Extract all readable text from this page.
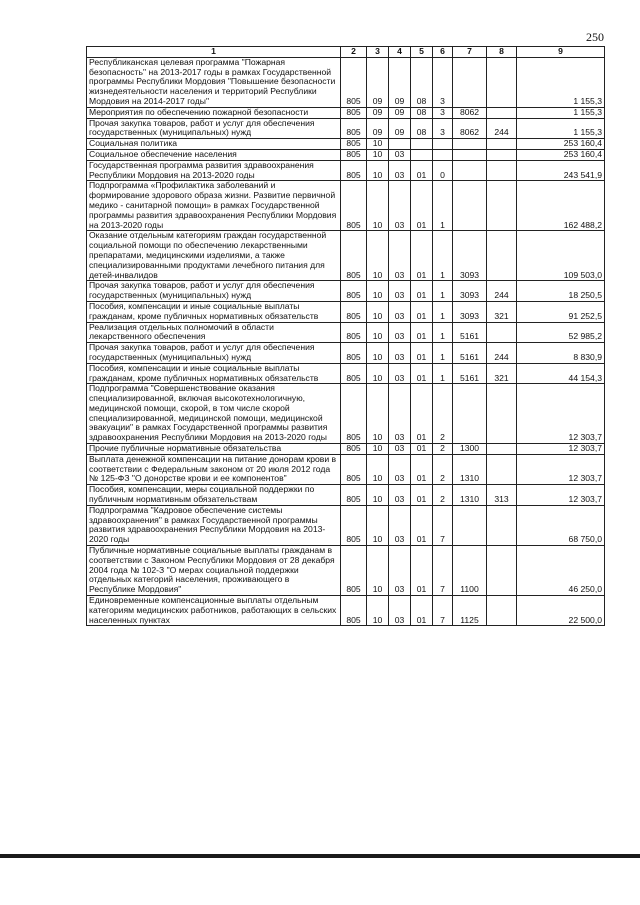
250
1	2	3	4	5	6	7	8	9
Республиканская целевая программа "Пожарная безопасность" на 2013-2017 годы в рамках Государственной программы Республики Мордовия "Повышение безопасности жизнедеятельности населения и территорий Республики Мордовия на 2014-2017 годы"	805	09	09	08	3			1 155,3
Мероприятия по обеспечению пожарной безопасности	805	09	09	08	3	8062		1 155,3
Прочая закупка товаров, работ и услуг для обеспечения государственных (муниципальных) нужд	805	09	09	08	3	8062	244	1 155,3
Социальная политика	805	10						253 160,4
Социальное обеспечение населения	805	10	03					253 160,4
Государственная программа развития здравоохранения Республики Мордовия на 2013-2020 годы	805	10	03	01	0			243 541,9
Подпрограмма «Профилактика заболеваний и формирование здорового образа жизни. Развитие первичной медико - санитарной помощи» в рамках Государственной программы развития здравоохранения Республики Мордовия на 2013-2020 годы	805	10	03	01	1			162 488,2
Оказание отдельным категориям граждан государственной социальной помощи по обеспечению лекарственными препаратами, медицинскими изделиями, а также специализированными продуктами лечебного питания для детей-инвалидов	805	10	03	01	1	3093		109 503,0
Прочая закупка товаров, работ и услуг для обеспечения государственных (муниципальных) нужд	805	10	03	01	1	3093	244	18 250,5
Пособия, компенсации и иные социальные выплаты гражданам, кроме публичных нормативных обязательств	805	10	03	01	1	3093	321	91 252,5
Реализация отдельных полномочий в области лекарственного обеспечения	805	10	03	01	1	5161		52 985,2
Прочая закупка товаров, работ и услуг для обеспечения государственных (муниципальных) нужд	805	10	03	01	1	5161	244	8 830,9
Пособия, компенсации и иные социальные выплаты гражданам, кроме публичных нормативных обязательств	805	10	03	01	1	5161	321	44 154,3
Подпрограмма "Совершенствование оказания специализированной, включая высокотехнологичную, медицинской помощи, скорой, в том числе скорой специализированной, медицинской помощи, медицинской эвакуации" в рамках Государственной программы развития здравоохранения Республики Мордовия на 2013-2020 годы	805	10	03	01	2			12 303,7
Прочие публичные нормативные обязательства	805	10	03	01	2	1300		12 303,7
Выплата денежной компенсации на питание донорам крови в соответствии с Федеральным законом от 20 июля 2012 года № 125-ФЗ "О донорстве крови и ее компонентов"	805	10	03	01	2	1310		12 303,7
Пособия, компенсации, меры социальной поддержки по публичным нормативным обязательствам	805	10	03	01	2	1310	313	12 303,7
Подпрограмма "Кадровое обеспечение системы здравоохранения" в рамках Государственной программы развития здравоохранения Республики Мордовия на 2013-2020 годы	805	10	03	01	7			68 750,0
Публичные нормативные социальные выплаты гражданам в соответствии с Законом Республики Мордовия от 28 декабря 2004 года № 102-З "О мерах социальной поддержки отдельных категорий населения, проживающего в Республике Мордовия"	805	10	03	01	7	1100		46 250,0
Единовременные компенсационные выплаты отдельным категориям медицинских работников, работающих в сельских населенных пунктах	805	10	03	01	7	1125		22 500,0
